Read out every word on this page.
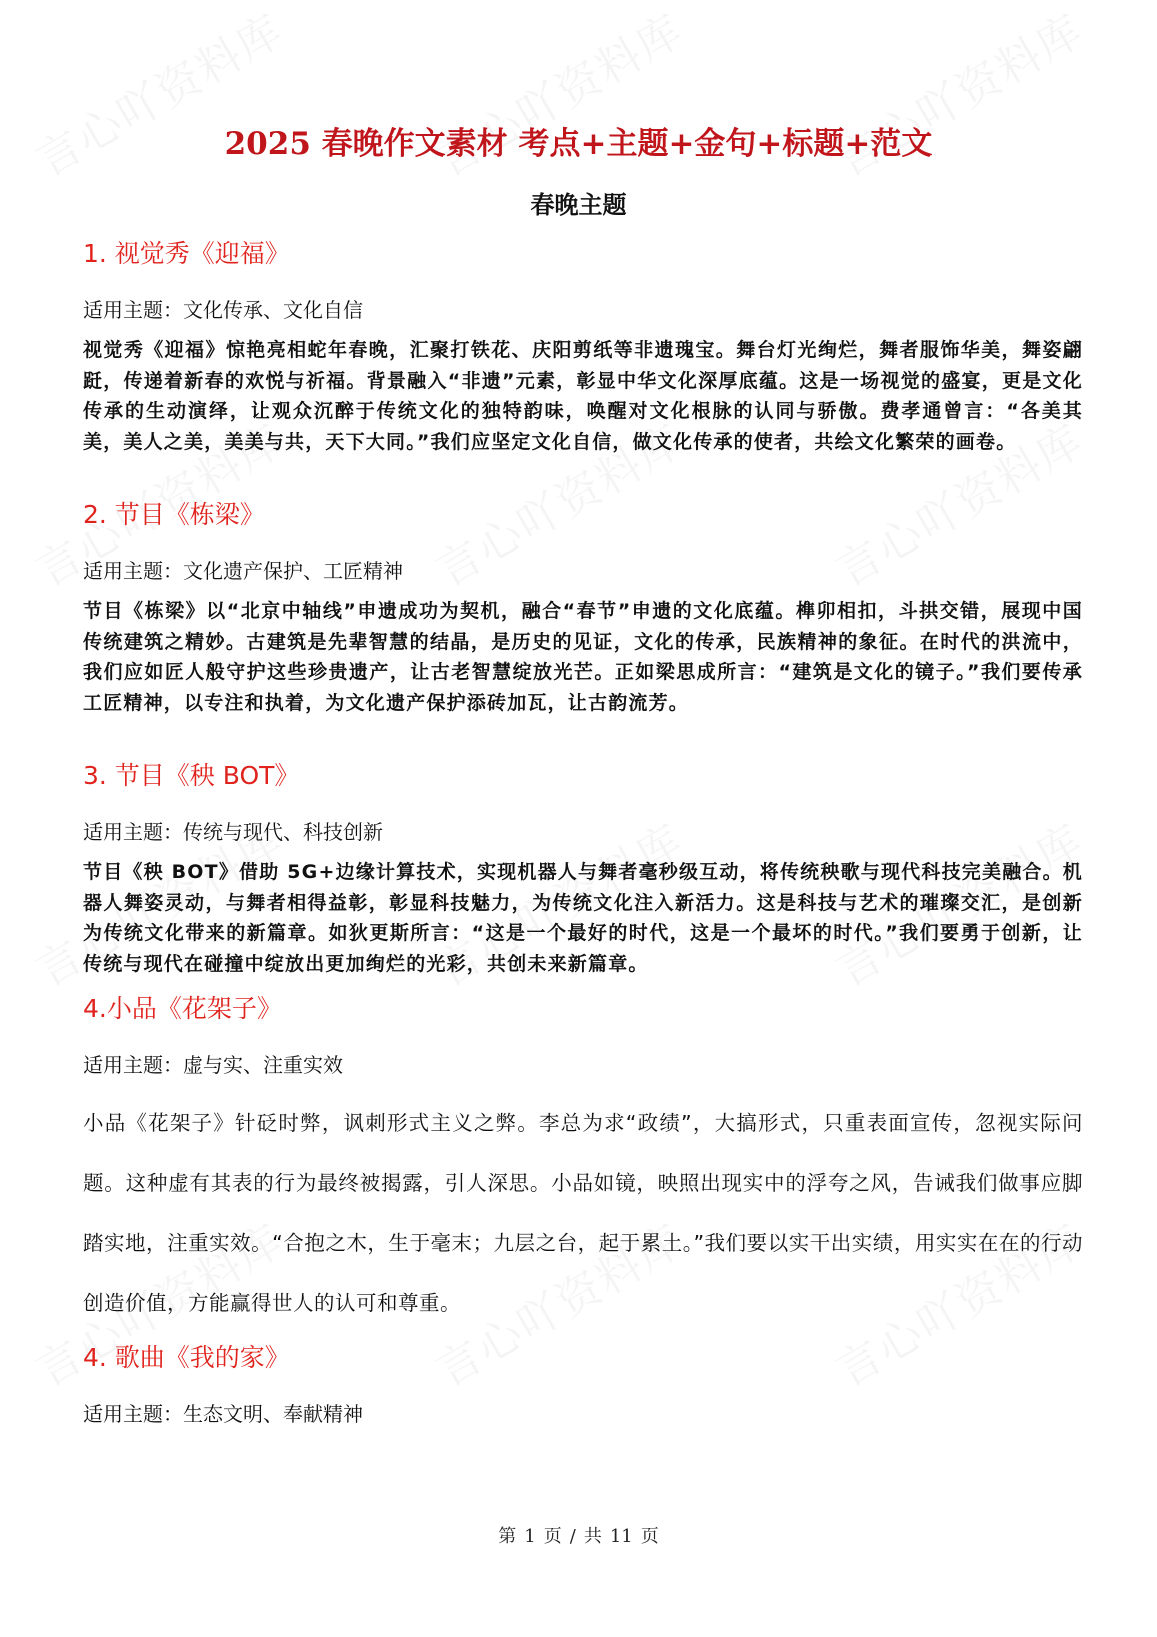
2025 春晚作文素材 考点+主题+金句+标题+范文
春晚主题
1. 视觉秀《迎福》

适用主题：文化传承、文化自信

视觉秀《迎福》惊艳亮相蛇年春晚，汇聚打铁花、庆阳剪纸等非遗瑰宝。舞台灯光绚烂，舞者服饰华美，舞姿翩跹，传递着新春的欢悦与祈福。背景融入“非遗”元素，彰显中华文化深厚底蕴。这是一场视觉的盛宴，更是文化传承的生动演绎，让观众沉醉于传统文化的独特韵味，唤醒对文化根脉的认同与骄傲。费孝通曾言：“各美其美，美人之美，美美与共，天下大同。”我们应坚定文化自信，做文化传承的使者，共绘文化繁荣的画卷。

2. 节目《栋梁》

适用主题：文化遗产保护、工匠精神

节目《栋梁》以“北京中轴线”申遗成功为契机，融合“春节”申遗的文化底蕴。榫卯相扣，斗拱交错，展现中国传统建筑之精妙。古建筑是先辈智慧的结晶，是历史的见证，文化的传承，民族精神的象征。在时代的洪流中，我们应如匠人般守护这些珍贵遗产，让古老智慧绽放光芒。正如梁思成所言：“建筑是文化的镜子。”我们要传承工匠精神，以专注和执着，为文化遗产保护添砖加瓦，让古韵流芳。

3. 节目《秧 BOT》

适用主题：传统与现代、科技创新

节目《秧 BOT》借助 5G+边缘计算技术，实现机器人与舞者毫秒级互动，将传统秧歌与现代科技完美融合。机器人舞姿灵动，与舞者相得益彰，彰显科技魅力，为传统文化注入新活力。这是科技与艺术的璀璨交汇，是创新为传统文化带来的新篇章。如狄更斯所言：“这是一个最好的时代，这是一个最坏的时代。”我们要勇于创新，让传统与现代在碰撞中绽放出更加绚烂的光彩，共创未来新篇章。

4.小品《花架子》

适用主题：虚与实、注重实效

小品《花架子》针砭时弊，讽刺形式主义之弊。李总为求“政绩”，大搞形式，只重表面宣传，忽视实际问题。这种虚有其表的行为最终被揭露，引人深思。小品如镜，映照出现实中的浮夸之风，告诫我们做事应脚踏实地，注重实效。“合抱之木，生于毫末；九层之台，起于累土。”我们要以实干出实绩，用实实在在的行动创造价值，方能赢得世人的认可和尊重。

4. 歌曲《我的家》

适用主题：生态文明、奉献精神

第 1 页 / 共 11 页
